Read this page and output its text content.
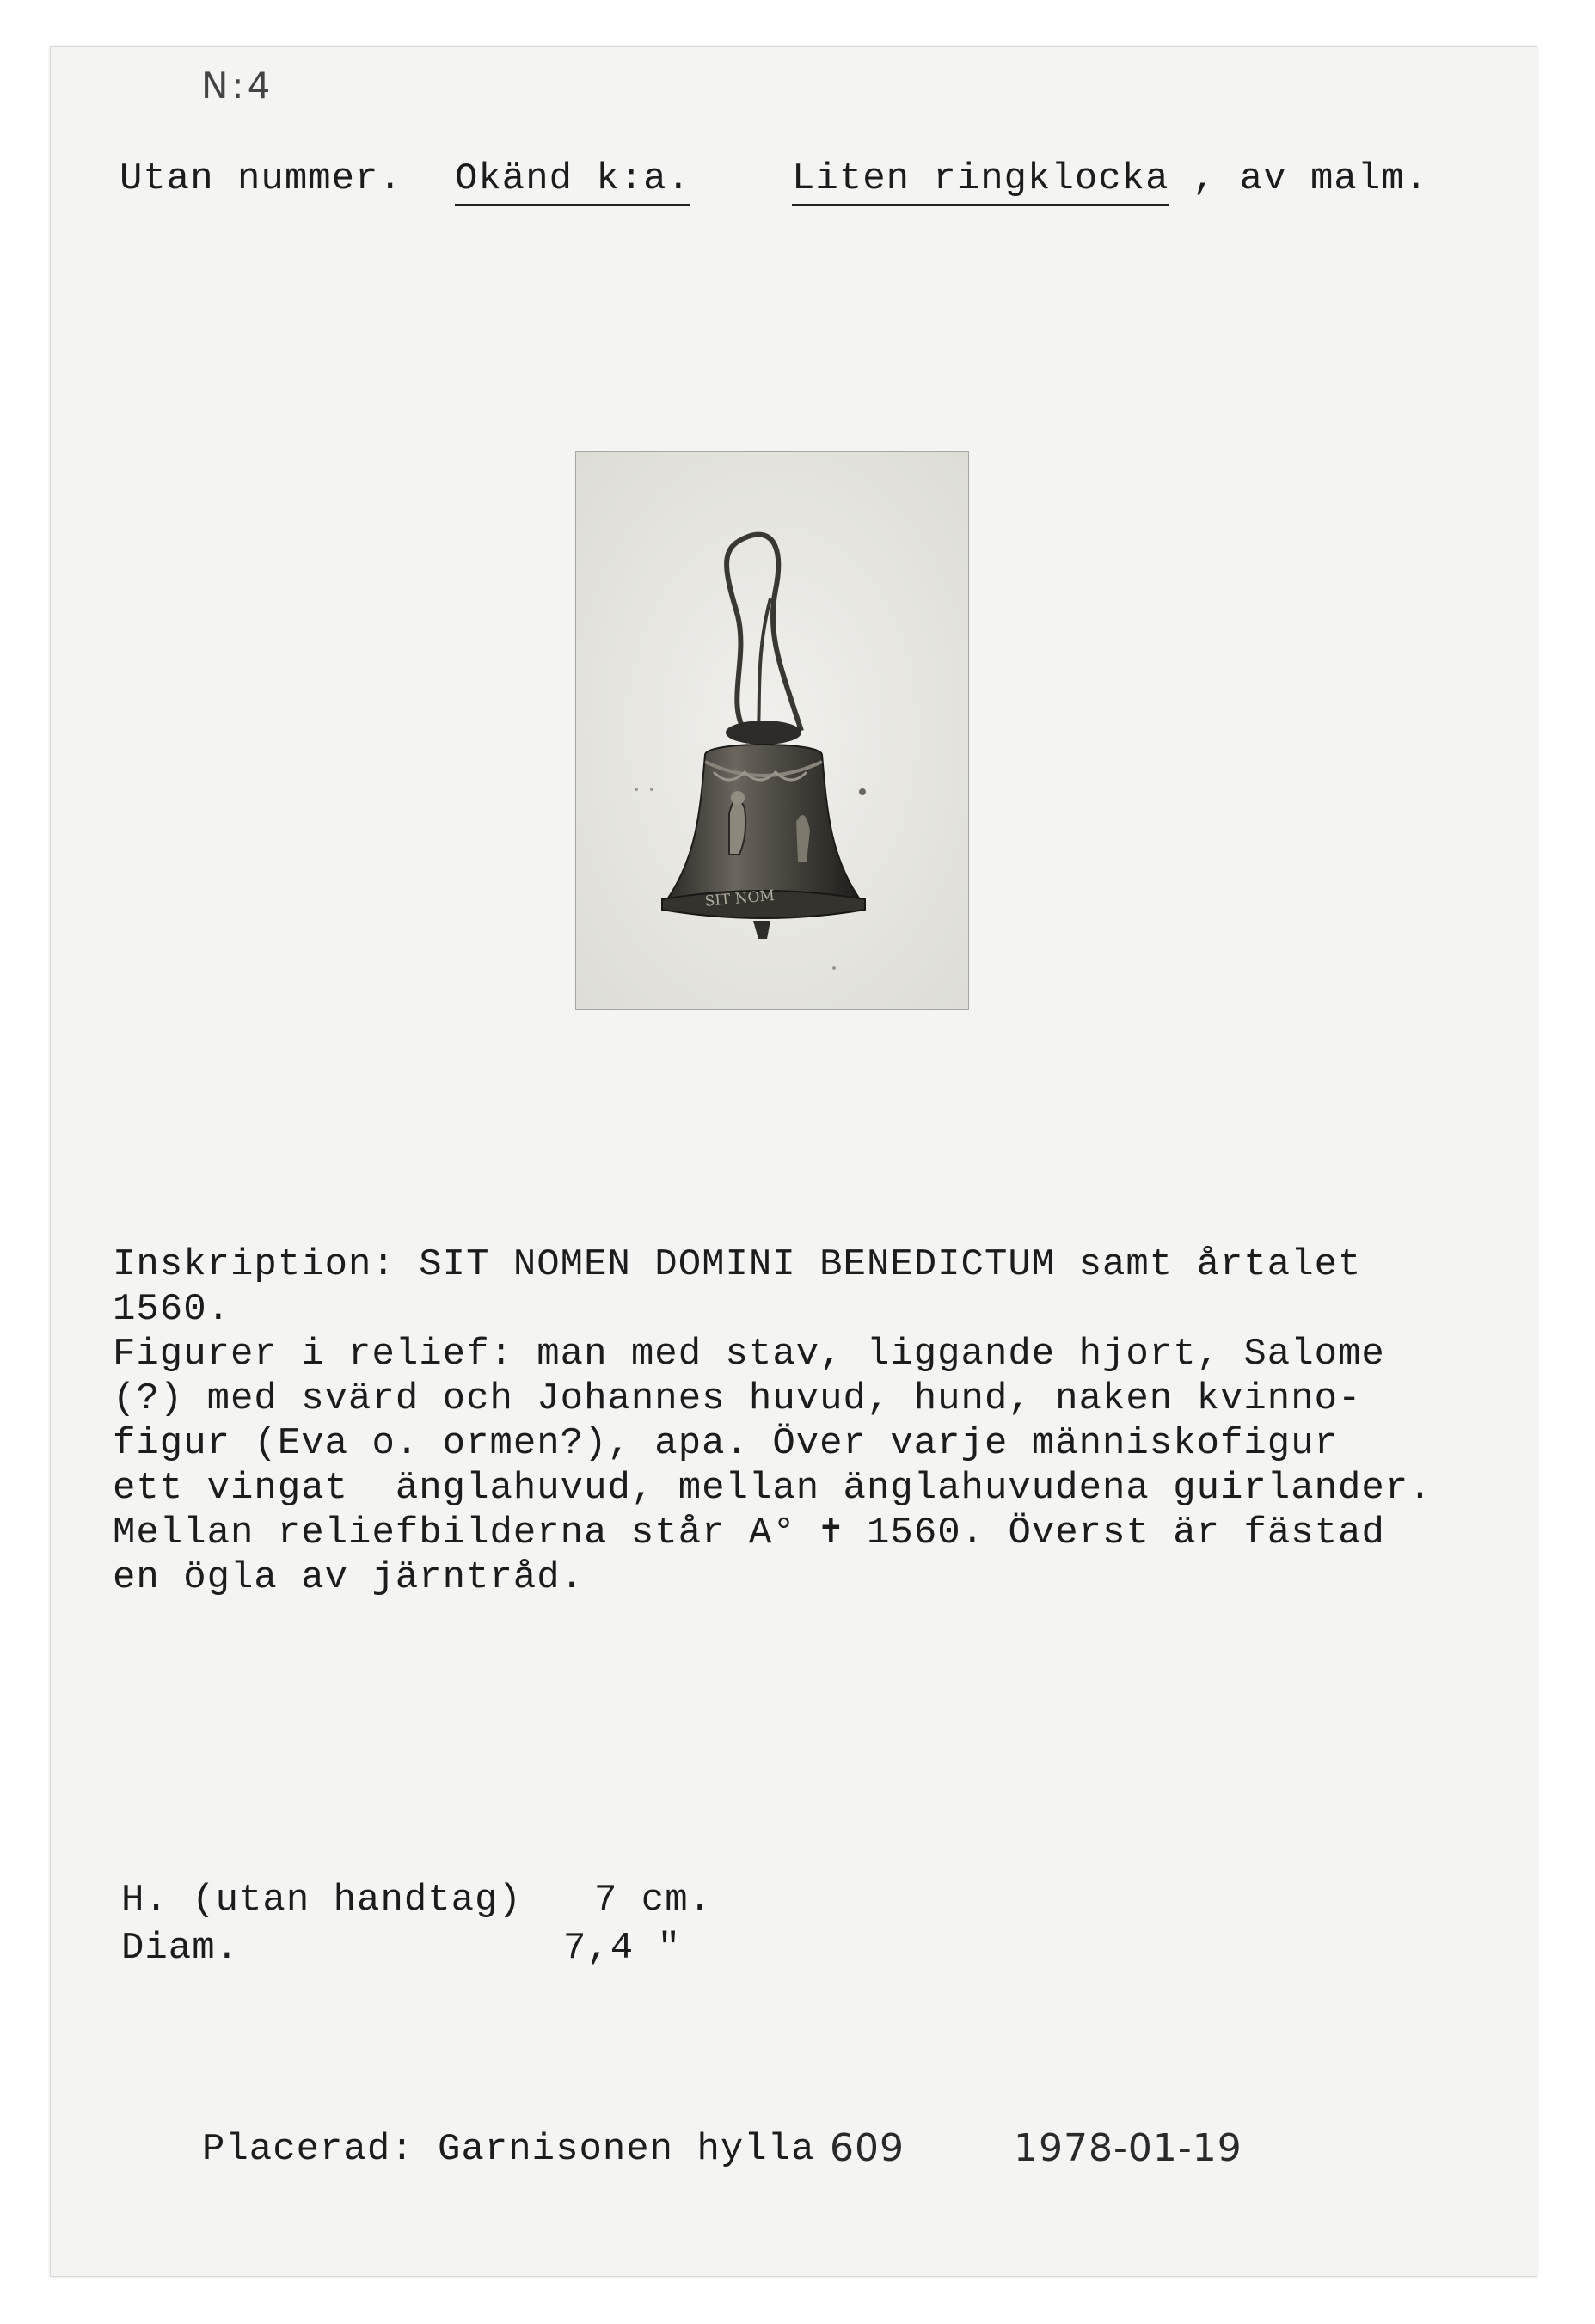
N:4
Utan nummer. Okänd k:a.	Liten ringklocka , av malm.
SIT NOM
Inskription: SIT NOMEN DOMINI BENEDICTUM samt årtalet
1560.
Figurer i relief: man med stav, liggande hjort, Salome
(?) med svärd och Johannes huvud, hund, naken kvinno-
figur (Eva o. ormen?), apa. Över varje människofigur
ett vingat  änglahuvud, mellan änglahuvudena guirlander.
Mellan reliefbilderna står A° ✝ 1560. Överst är fästad
en ögla av järntråd.
H. (utan handtag) 7 cm.
Diam.	7,4 "
Placerad: Garnisonen hylla 609	1978-01-19
